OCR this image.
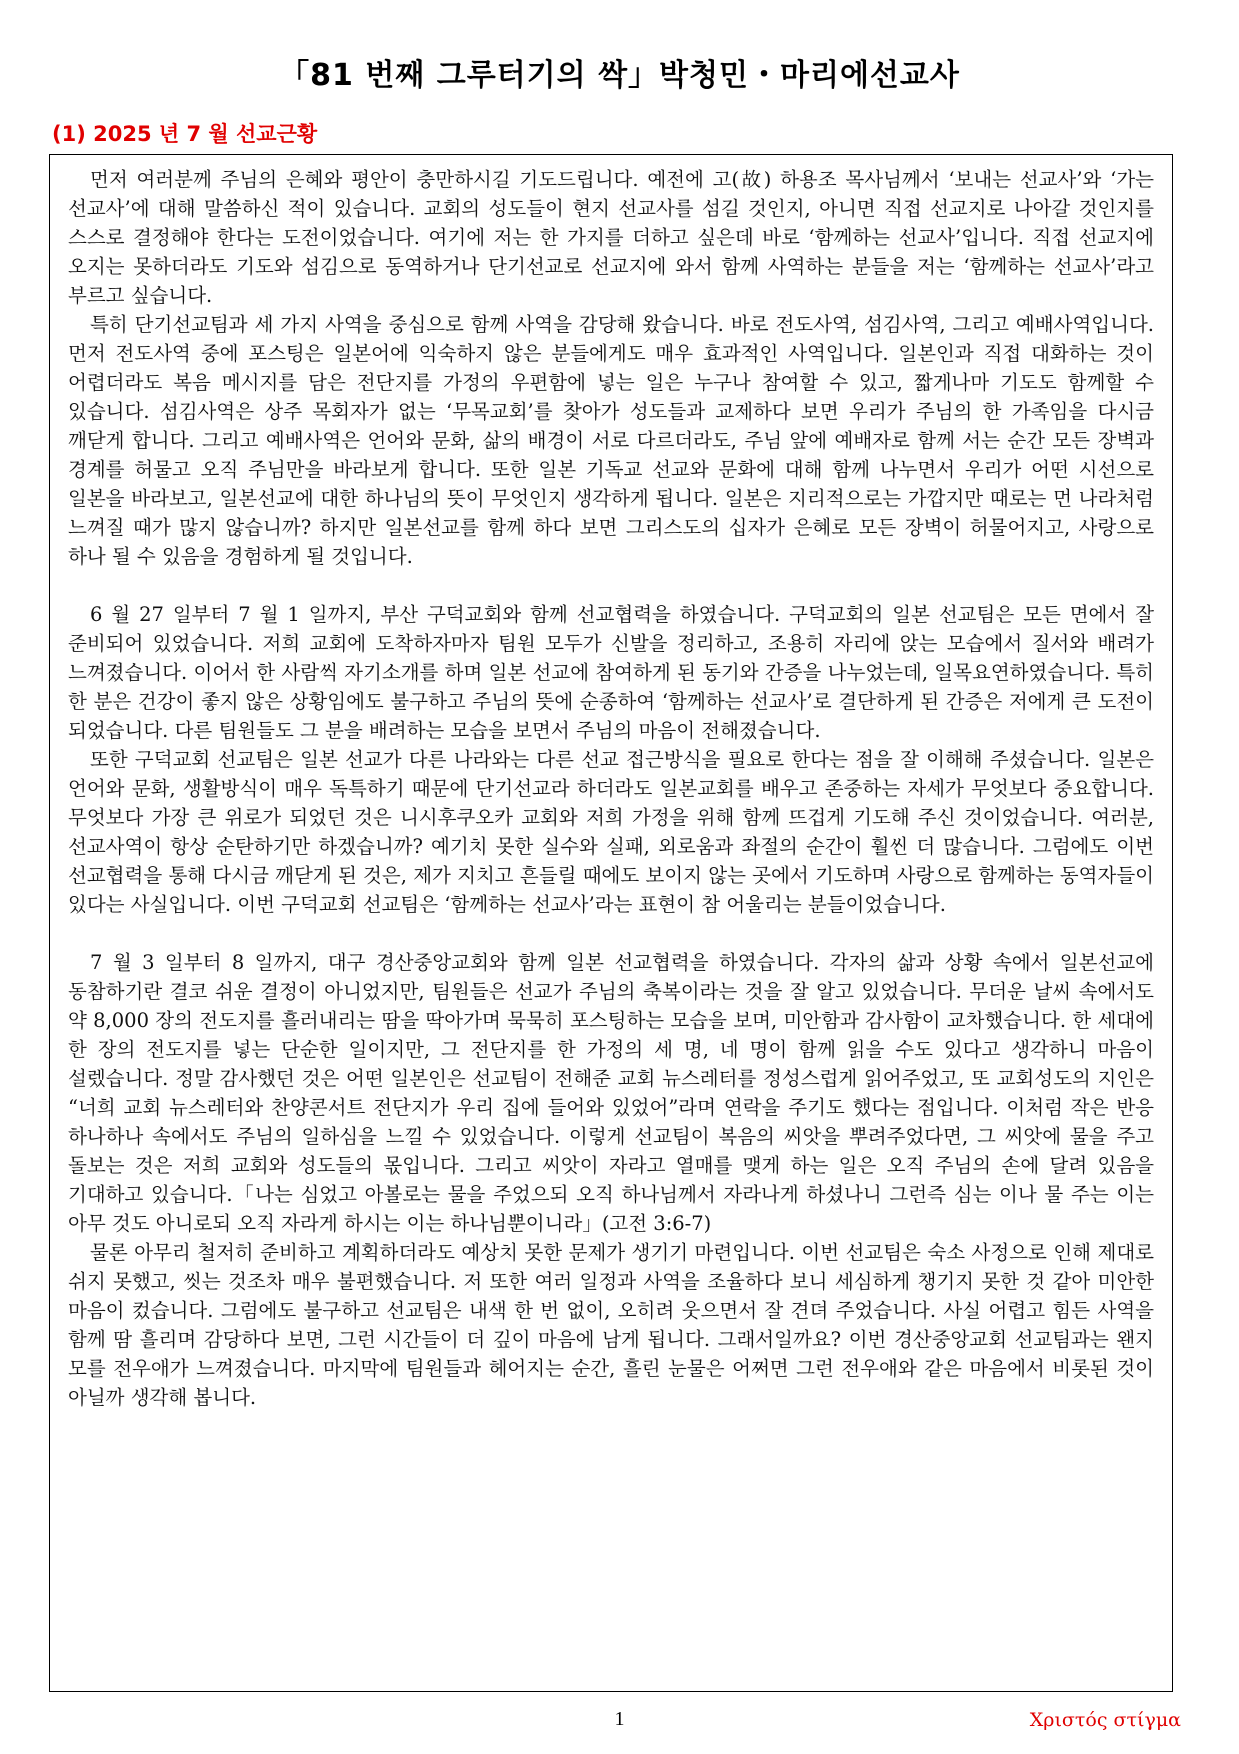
「81 번째 그루터기의 싹」박청민・마리에선교사
(1) 2025 년 7 월 선교근황

먼저 여러분께 주님의 은혜와 평안이 충만하시길 기도드립니다. 예전에 고(故) 하용조 목사님께서 ‘보내는 선교사’와 ‘가는 선교사’에 대해 말씀하신 적이 있습니다. 교회의 성도들이 현지 선교사를 섬길 것인지, 아니면 직접 선교지로 나아갈 것인지를 스스로 결정해야 한다는 도전이었습니다. 여기에 저는 한 가지를 더하고 싶은데 바로 ‘함께하는 선교사’입니다. 직접 선교지에 오지는 못하더라도 기도와 섬김으로 동역하거나 단기선교로 선교지에 와서 함께 사역하는 분들을 저는 ‘함께하는 선교사’라고 부르고 싶습니다.

특히 단기선교팀과 세 가지 사역을 중심으로 함께 사역을 감당해 왔습니다. 바로 전도사역, 섬김사역, 그리고 예배사역입니다. 먼저 전도사역 중에 포스팅은 일본어에 익숙하지 않은 분들에게도 매우 효과적인 사역입니다. 일본인과 직접 대화하는 것이 어렵더라도 복음 메시지를 담은 전단지를 가정의 우편함에 넣는 일은 누구나 참여할 수 있고, 짧게나마 기도도 함께할 수 있습니다. 섬김사역은 상주 목회자가 없는 ‘무목교회’를 찾아가 성도들과 교제하다 보면 우리가 주님의 한 가족임을 다시금 깨닫게 합니다. 그리고 예배사역은 언어와 문화, 삶의 배경이 서로 다르더라도, 주님 앞에 예배자로 함께 서는 순간 모든 장벽과 경계를 허물고 오직 주님만을 바라보게 합니다. 또한 일본 기독교 선교와 문화에 대해 함께 나누면서 우리가 어떤 시선으로 일본을 바라보고, 일본선교에 대한 하나님의 뜻이 무엇인지 생각하게 됩니다. 일본은 지리적으로는 가깝지만 때로는 먼 나라처럼 느껴질 때가 많지 않습니까? 하지만 일본선교를 함께 하다 보면 그리스도의 십자가 은혜로 모든 장벽이 허물어지고, 사랑으로 하나 될 수 있음을 경험하게 될 것입니다.

6 월 27 일부터 7 월 1 일까지, 부산 구덕교회와 함께 선교협력을 하였습니다. 구덕교회의 일본 선교팀은 모든 면에서 잘 준비되어 있었습니다. 저희 교회에 도착하자마자 팀원 모두가 신발을 정리하고, 조용히 자리에 앉는 모습에서 질서와 배려가 느껴졌습니다. 이어서 한 사람씩 자기소개를 하며 일본 선교에 참여하게 된 동기와 간증을 나누었는데, 일목요연하였습니다. 특히 한 분은 건강이 좋지 않은 상황임에도 불구하고 주님의 뜻에 순종하여 ‘함께하는 선교사’로 결단하게 된 간증은 저에게 큰 도전이 되었습니다. 다른 팀원들도 그 분을 배려하는 모습을 보면서 주님의 마음이 전해졌습니다.

또한 구덕교회 선교팀은 일본 선교가 다른 나라와는 다른 선교 접근방식을 필요로 한다는 점을 잘 이해해 주셨습니다. 일본은 언어와 문화, 생활방식이 매우 독특하기 때문에 단기선교라 하더라도 일본교회를 배우고 존중하는 자세가 무엇보다 중요합니다. 무엇보다 가장 큰 위로가 되었던 것은 니시후쿠오카 교회와 저희 가정을 위해 함께 뜨겁게 기도해 주신 것이었습니다. 여러분, 선교사역이 항상 순탄하기만 하겠습니까? 예기치 못한 실수와 실패, 외로움과 좌절의 순간이 훨씬 더 많습니다. 그럼에도 이번 선교협력을 통해 다시금 깨닫게 된 것은, 제가 지치고 흔들릴 때에도 보이지 않는 곳에서 기도하며 사랑으로 함께하는 동역자들이 있다는 사실입니다. 이번 구덕교회 선교팀은 ‘함께하는 선교사’라는 표현이 참 어울리는 분들이었습니다.

7 월 3 일부터 8 일까지, 대구 경산중앙교회와 함께 일본 선교협력을 하였습니다. 각자의 삶과 상황 속에서 일본선교에 동참하기란 결코 쉬운 결정이 아니었지만, 팀원들은 선교가 주님의 축복이라는 것을 잘 알고 있었습니다. 무더운 날씨 속에서도 약 8,000 장의 전도지를 흘러내리는 땀을 딱아가며 묵묵히 포스팅하는 모습을 보며, 미안함과 감사함이 교차했습니다. 한 세대에 한 장의 전도지를 넣는 단순한 일이지만, 그 전단지를 한 가정의 세 명, 네 명이 함께 읽을 수도 있다고 생각하니 마음이 설렜습니다. 정말 감사했던 것은 어떤 일본인은 선교팀이 전해준 교회 뉴스레터를 정성스럽게 읽어주었고, 또 교회성도의 지인은 “너희 교회 뉴스레터와 찬양콘서트 전단지가 우리 집에 들어와 있었어”라며 연락을 주기도 했다는 점입니다. 이처럼 작은 반응 하나하나 속에서도 주님의 일하심을 느낄 수 있었습니다. 이렇게 선교팀이 복음의 씨앗을 뿌려주었다면, 그 씨앗에 물을 주고 돌보는 것은 저희 교회와 성도들의 몫입니다. 그리고 씨앗이 자라고 열매를 맺게 하는 일은 오직 주님의 손에 달려 있음을 기대하고 있습니다.「나는 심었고 아볼로는 물을 주었으되 오직 하나님께서 자라나게 하셨나니 그런즉 심는 이나 물 주는 이는 아무 것도 아니로되 오직 자라게 하시는 이는 하나님뿐이니라」(고전 3:6-7)

물론 아무리 철저히 준비하고 계획하더라도 예상치 못한 문제가 생기기 마련입니다. 이번 선교팀은 숙소 사정으로 인해 제대로 쉬지 못했고, 씻는 것조차 매우 불편했습니다. 저 또한 여러 일정과 사역을 조율하다 보니 세심하게 챙기지 못한 것 같아 미안한 마음이 컸습니다. 그럼에도 불구하고 선교팀은 내색 한 번 없이, 오히려 웃으면서 잘 견뎌 주었습니다. 사실 어렵고 힘든 사역을 함께 땀 흘리며 감당하다 보면, 그런 시간들이 더 깊이 마음에 남게 됩니다. 그래서일까요? 이번 경산중앙교회 선교팀과는 왠지 모를 전우애가 느껴졌습니다. 마지막에 팀원들과 헤어지는 순간, 흘린 눈물은 어쩌면 그런 전우애와 같은 마음에서 비롯된 것이 아닐까 생각해 봅니다.

1	Χριστός στίγμα
